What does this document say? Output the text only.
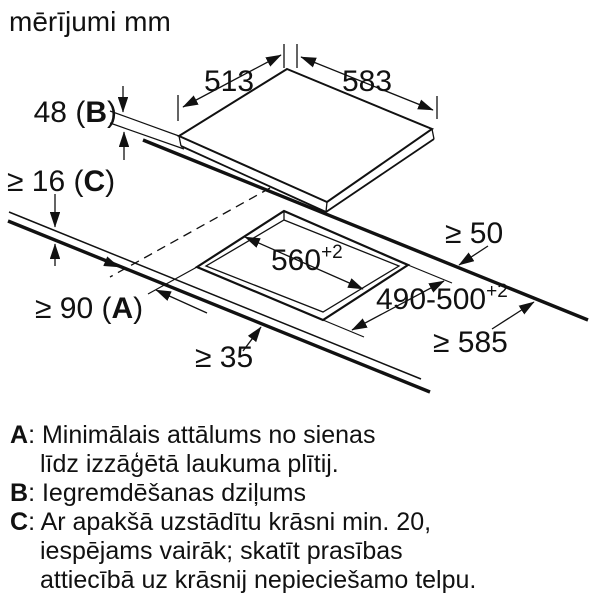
mērījumi mm
513	583
48 (B)
≥ 16 (C)
≥ 50
$560^{+2}$
$490-500^{+2}$
≥ 90 (A)
≥ 585
≥ 35
A: Minimālais attālums no sienas
līdz izzāģētā laukuma plītij.
B: Iegremdēšanas dziļums
C: Ar apakšā uzstādītu krāsni min. 20,
iespējams vairāk; skatīt prasības
attiecībā uz krāsnij nepieciešamo telpu.
